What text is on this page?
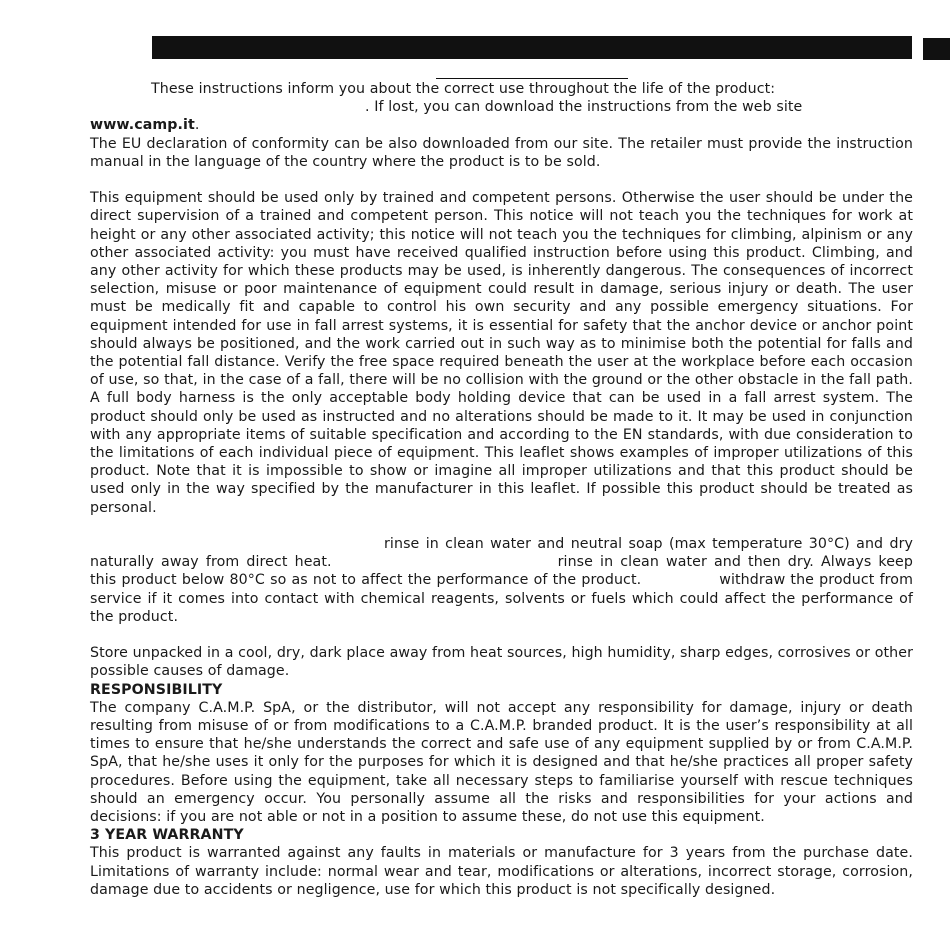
These instructions inform you about the correct use throughout the life of the product:

. If lost, you can download the instructions from the web site www.camp.it.

The EU declaration of conformity can be also downloaded from our site. The retailer must provide the instruction manual in the language of the country where the product is to be sold.

This equipment should be used only by trained and competent persons. Otherwise the user should be under the direct supervision of a trained and competent person. This notice will not teach you the techniques for work at height or any other associated activity; this notice will not teach you the techniques for climbing, alpinism or any other associated activity: you must have received qualified instruction before using this product. Climbing, and any other activity for which these products may be used, is inherently dangerous. The consequences of incorrect selection, misuse or poor maintenance of equipment could result in damage, serious injury or death. The user must be medically fit and capable to control his own security and any possible emergency situations. For equipment intended for use in fall arrest systems, it is essential for safety that the anchor device or anchor point should always be positioned, and the work carried out in such way as to minimise both the potential for falls and the potential fall distance. Verify the free space required beneath the user at the workplace before each occasion of use, so that, in the case of a fall, there will be no collision with the ground or the other obstacle in the fall path. A full body harness is the only acceptable body holding device that can be used in a fall arrest system. The product should only be used as instructed and no alterations should be made to it. It may be used in conjunction with any appropriate items of suitable specification and according to the EN standards, with due consideration to the limitations of each individual piece of equipment. This leaflet shows examples of improper utilizations of this product. Note that it is impossible to show or imagine all improper utilizations and that this product should be used only in the way specified by the manufacturer in this leaflet. If possible this product should be treated as personal.

rinse in clean water and neutral soap (max temperature 30°C) and dry naturally away from direct heat.	rinse in clean water and then dry. Always keep this product below 80°C so as not to affect the performance of the product.	withdraw the product from service if it comes into contact with chemical reagents, solvents or fuels which could affect the performance of the product.

Store unpacked in a cool, dry, dark place away from heat sources, high humidity, sharp edges, corrosives or other possible causes of damage.

RESPONSIBILITY

The company C.A.M.P. SpA, or the distributor, will not accept any responsibility for damage, injury or death resulting from misuse of or from modifications to a C.A.M.P. branded product. It is the user’s responsibility at all times to ensure that he/she understands the correct and safe use of any equipment supplied by or from C.A.M.P. SpA, that he/she uses it only for the purposes for which it is designed and that he/she practices all proper safety procedures. Before using the equipment, take all necessary steps to familiarise yourself with rescue techniques should an emergency occur. You personally assume all the risks and responsibilities for your actions and decisions: if you are not able or not in a position to assume these, do not use this equipment.

3 YEAR WARRANTY

This product is warranted against any faults in materials or manufacture for 3 years from the purchase date. Limitations of warranty include: normal wear and tear, modifications or alterations, incorrect storage, corrosion, damage due to accidents or negligence, use for which this product is not specifically designed.
